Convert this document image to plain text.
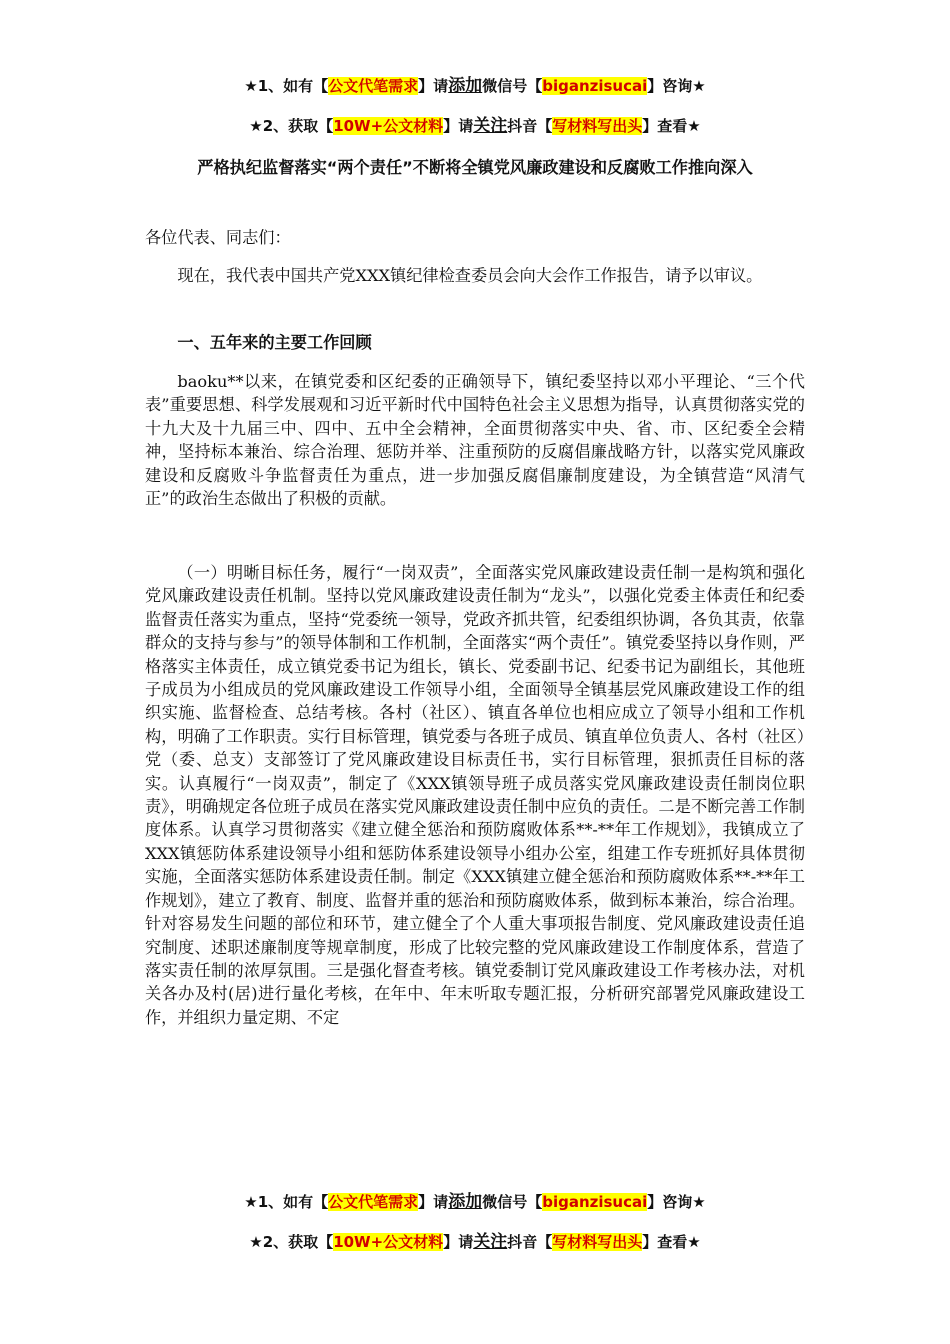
★1、如有【公文代笔需求】请添加微信号【biganzisucai】咨询★
★2、获取【10W+公文材料】请关注抖音【写材料写出头】查看★
严格执纪监督落实“两个责任”不断将全镇党风廉政建设和反腐败工作推向深入
各位代表、同志们：
现在，我代表中国共产党XXX镇纪律检查委员会向大会作工作报告，请予以审议。
一、五年来的主要工作回顾
baoku**以来，在镇党委和区纪委的正确领导下，镇纪委坚持以邓小平理论、“三个代表”重要思想、科学发展观和习近平新时代中国特色社会主义思想为指导，认真贯彻落实党的十九大及十九届三中、四中、五中全会精神，全面贯彻落实中央、省、市、区纪委全会精神，坚持标本兼治、综合治理、惩防并举、注重预防的反腐倡廉战略方针，以落实党风廉政建设和反腐败斗争监督责任为重点，进一步加强反腐倡廉制度建设，为全镇营造“风清气正”的政治生态做出了积极的贡献。
（一）明晰目标任务，履行“一岗双责”，全面落实党风廉政建设责任制一是构筑和强化党风廉政建设责任机制。坚持以党风廉政建设责任制为“龙头”，以强化党委主体责任和纪委监督责任落实为重点，坚持“党委统一领导，党政齐抓共管，纪委组织协调，各负其责，依靠群众的支持与参与”的领导体制和工作机制，全面落实“两个责任”。镇党委坚持以身作则，严格落实主体责任，成立镇党委书记为组长，镇长、党委副书记、纪委书记为副组长，其他班子成员为小组成员的党风廉政建设工作领导小组，全面领导全镇基层党风廉政建设工作的组织实施、监督检查、总结考核。各村（社区）、镇直各单位也相应成立了领导小组和工作机构，明确了工作职责。实行目标管理，镇党委与各班子成员、镇直单位负责人、各村（社区）党（委、总支）支部签订了党风廉政建设目标责任书，实行目标管理，狠抓责任目标的落实。认真履行“一岗双责”，制定了《XXX镇领导班子成员落实党风廉政建设责任制岗位职责》，明确规定各位班子成员在落实党风廉政建设责任制中应负的责任。二是不断完善工作制度体系。认真学习贯彻落实《建立健全惩治和预防腐败体系**-**年工作规划》，我镇成立了XXX镇惩防体系建设领导小组和惩防体系建设领导小组办公室，组建工作专班抓好具体贯彻实施，全面落实惩防体系建设责任制。制定《XXX镇建立健全惩治和预防腐败体系**-**年工作规划》，建立了教育、制度、监督并重的惩治和预防腐败体系，做到标本兼治，综合治理。针对容易发生问题的部位和环节，建立健全了个人重大事项报告制度、党风廉政建设责任追究制度、述职述廉制度等规章制度，形成了比较完整的党风廉政建设工作制度体系，营造了落实责任制的浓厚氛围。三是强化督查考核。镇党委制订党风廉政建设工作考核办法，对机关各办及村(居)进行量化考核，在年中、年末听取专题汇报，分析研究部署党风廉政建设工作，并组织力量定期、不定
★1、如有【公文代笔需求】请添加微信号【biganzisucai】咨询★
★2、获取【10W+公文材料】请关注抖音【写材料写出头】查看★
